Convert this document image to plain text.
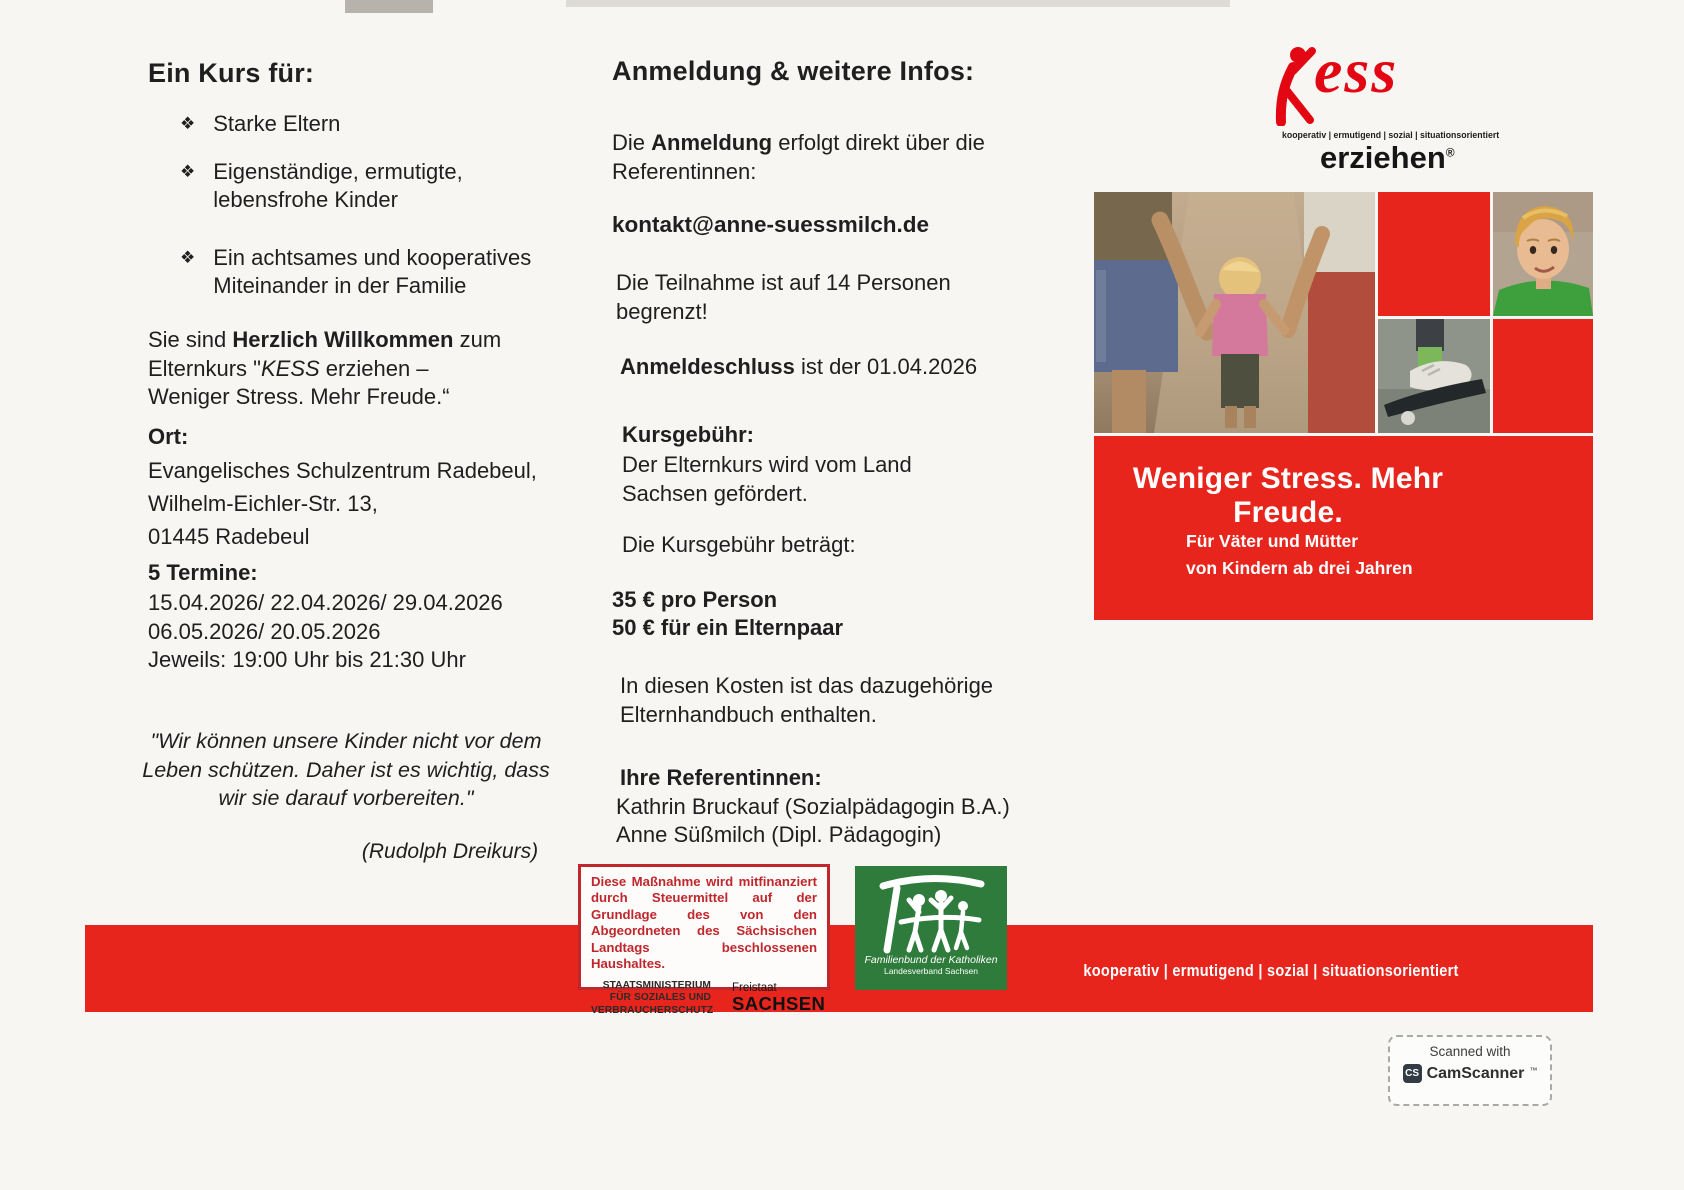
Ein Kurs für:
❖ Starke Eltern
❖ Eigenständige, ermutigte, lebensfrohe Kinder
❖ Ein achtsames und kooperatives Miteinander in der Familie
Sie sind Herzlich Willkommen zum Elternkurs "KESS erziehen – Weniger Stress. Mehr Freude.“
Ort:
Evangelisches Schulzentrum Radebeul,
Wilhelm-Eichler-Str. 13,
01445 Radebeul
5 Termine:
15.04.2026/ 22.04.2026/ 29.04.2026
06.05.2026/ 20.05.2026
Jeweils: 19:00 Uhr bis 21:30 Uhr
"Wir können unsere Kinder nicht vor dem Leben schützen. Daher ist es wichtig, dass wir sie darauf vorbereiten."
(Rudolph Dreikurs)
Anmeldung & weitere Infos:
Die Anmeldung erfolgt direkt über die Referentinnen:
kontakt@anne-suessmilch.de
Die Teilnahme ist auf 14 Personen begrenzt!
Anmeldeschluss ist der 01.04.2026
Kursgebühr:
Der Elternkurs wird vom Land Sachsen gefördert.
Die Kursgebühr beträgt:
35 € pro Person
50 € für ein Elternpaar
In diesen Kosten ist das dazugehörige Elternhandbuch enthalten.
Ihre Referentinnen:
Kathrin Bruckauf (Sozialpädagogin B.A.)
Anne Süßmilch (Dipl. Pädagogin)
ess
kooperativ | ermutigend | sozial | situationsorientiert
erziehen®
Weniger Stress. Mehr Freude.
Für Väter und Mütter
von Kindern ab drei Jahren
kooperativ | ermutigend | sozial | situationsorientiert
Diese Maßnahme wird mitfinanziert durch Steuermittel auf der Grundlage des von den Abgeordneten des Sächsischen Landtags beschlossenen Haushaltes.
STAATSMINISTERIUM
FÜR SOZIALES UND
VERBRAUCHERSCHUTZ
Freistaat
SACHSEN
Familienbund der Katholiken
Landesverband Sachsen
Scanned with
CS CamScanner ™
